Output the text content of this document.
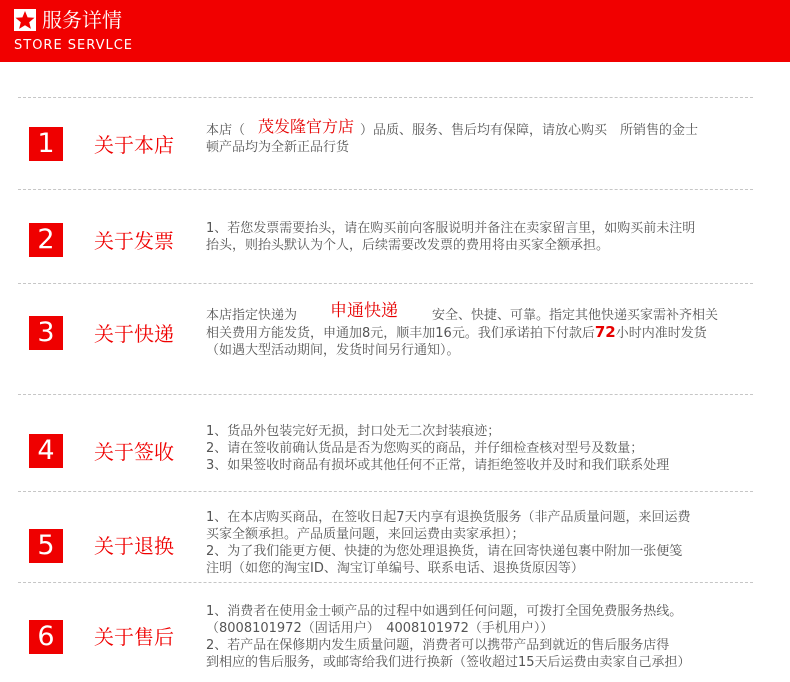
服务详情
STORE SERVLCE
1	关于本店
本店（	）品质、服务、售后均有保障，请放心购买　所销售的金士
顿产品均为全新正品行货
茂发隆官方店
2	关于发票
1、若您发票需要抬头，请在购买前向客服说明并备注在卖家留言里，如购买前未注明
抬头，则抬头默认为个人，后续需要改发票的费用将由买家全额承担。
3	关于快递
本店指定快递为	安全、快捷、可靠。指定其他快递买家需补齐相关
相关费用方能发货，申通加8元，顺丰加16元。我们承诺拍下付款后72小时内准时发货
（如遇大型活动期间，发货时间另行通知）。
申通快递
4	关于签收
1、货品外包装完好无损，封口处无二次封装痕迹；
2、请在签收前确认货品是否为您购买的商品，并仔细检查核对型号及数量；
3、如果签收时商品有损坏或其他任何不正常，请拒绝签收并及时和我们联系处理
5	关于退换
1、在本店购买商品，在签收日起7天内享有退换货服务（非产品质量问题，来回运费
买家全额承担。产品质量问题，来回运费由卖家承担）；
2、为了我们能更方便、快捷的为您处理退换货，请在回寄快递包裹中附加一张便笺
注明（如您的淘宝ID、淘宝订单编号、联系电话、退换货原因等）
6	关于售后
1、消费者在使用金士顿产品的过程中如遇到任何问题，可拨打全国免费服务热线。
（8008101972（固话用户）　4008101972（手机用户））
2、若产品在保修期内发生质量问题，消费者可以携带产品到就近的售后服务店得
到相应的售后服务，或邮寄给我们进行换新（签收超过15天后运费由卖家自己承担）
